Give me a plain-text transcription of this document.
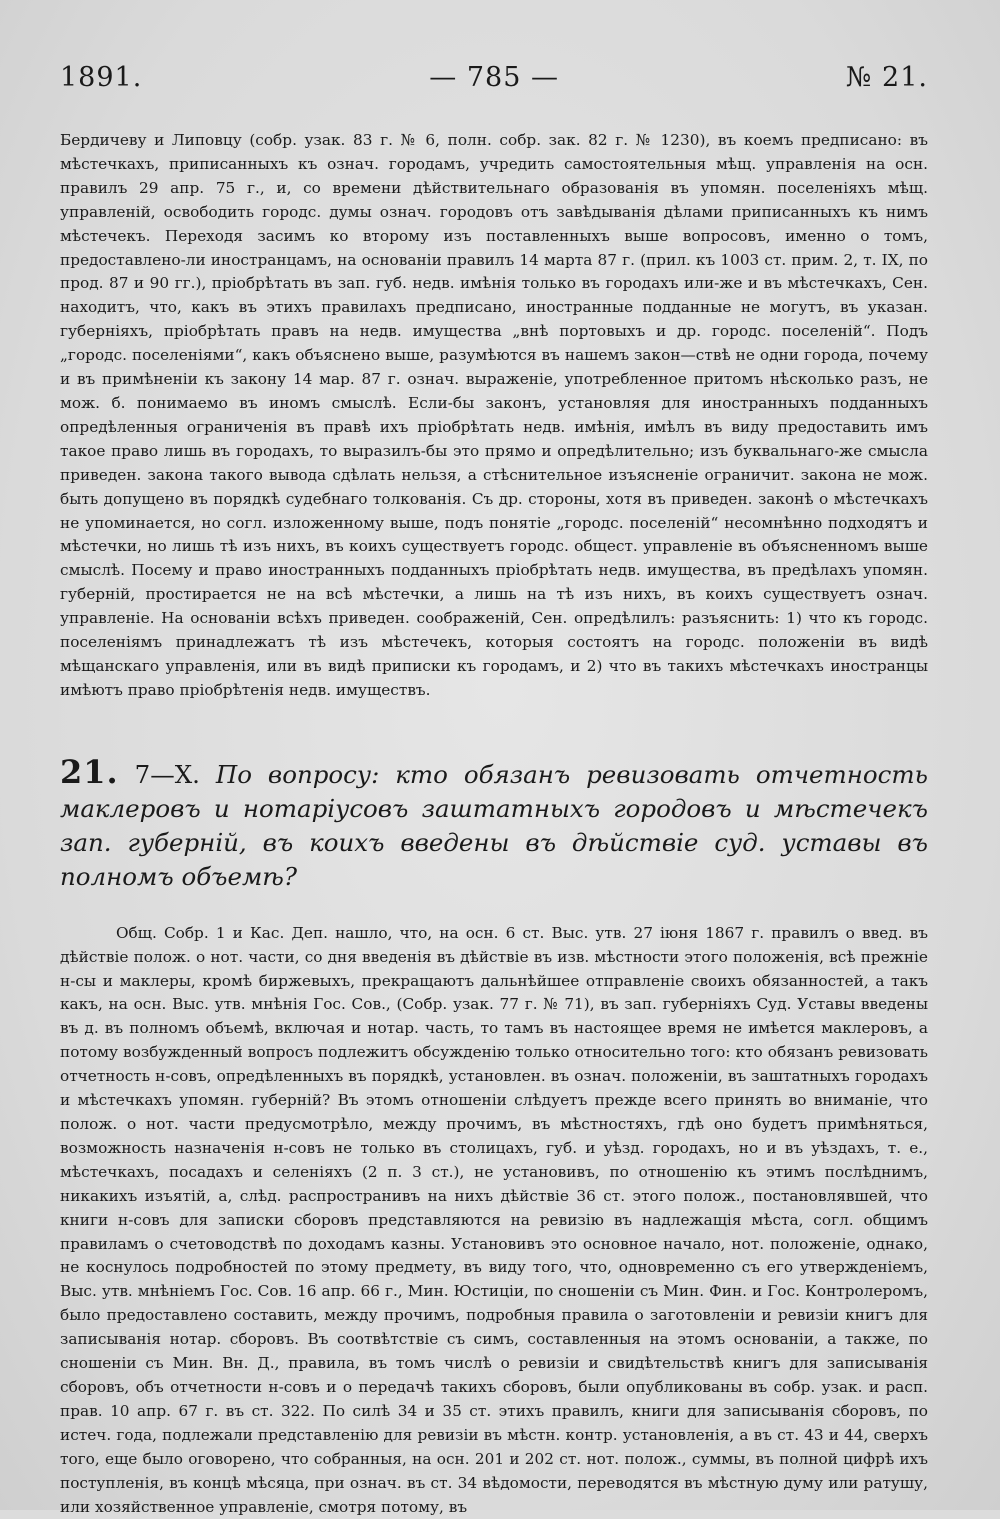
1891.	— 785 —	№ 21.

Бердичеву и Липовцу (собр. узак. 83 г. № 6, полн. собр. зак. 82 г. № 1230), въ коемъ предписано: въ мѣстечкахъ, приписанныхъ къ означ. городамъ, учредить самостоятельныя мѣщ. управленія на осн. правилъ 29 апр. 75 г., и, со времени дѣйствительнаго образованія въ упомян. поселеніяхъ мѣщ. управленій, освободить городс. думы означ. городовъ отъ завѣдыванія дѣлами приписанныхъ къ нимъ мѣстечекъ. Переходя засимъ ко второму изъ поставленныхъ выше вопросовъ, именно о томъ, предоставлено-ли иностранцамъ, на основаніи правилъ 14 марта 87 г. (прил. къ 1003 ст. прим. 2, т. IX, по прод. 87 и 90 гг.), пріобрѣтать въ зап. губ. недв. имѣнія только въ городахъ или-же и въ мѣстечкахъ, Сен. находитъ, что, какъ въ этихъ правилахъ предписано, иностранные подданные не могутъ, въ указан. губерніяхъ, пріобрѣтать правъ на недв. имущества „внѣ портовыхъ и др. городс. поселеній“. Подъ „городс. поселеніями“, какъ объяснено выше, разумѣются въ нашемъ закон—ствѣ не одни города, почему и въ примѣненіи къ закону 14 мар. 87 г. означ. выраженіе, употребленное притомъ нѣсколько разъ, не мож. б. понимаемо въ иномъ смыслѣ. Если-бы законъ, установляя для иностранныхъ подданныхъ опредѣленныя ограниченія въ правѣ ихъ пріобрѣтать недв. имѣнія, имѣлъ въ виду предоставить имъ такое право лишь въ городахъ, то выразилъ-бы это прямо и опредѣлительно; изъ буквальнаго-же смысла приведен. закона такого вывода сдѣлать нельзя, а стѣснительное изъясненіе ограничит. закона не мож. быть допущено въ порядкѣ судебнаго толкованія. Съ др. стороны, хотя въ приведен. законѣ о мѣстечкахъ не упоминается, но согл. изложенному выше, подъ понятіе „городс. поселеній“ несомнѣнно подходятъ и мѣстечки, но лишь тѣ изъ нихъ, въ коихъ существуетъ городс. общест. управленіе въ объясненномъ выше смыслѣ. Посему и право иностранныхъ подданныхъ пріобрѣтать недв. имущества, въ предѣлахъ упомян. губерній, простирается не на всѣ мѣстечки, а лишь на тѣ изъ нихъ, въ коихъ существуетъ означ. управленіе. На основаніи всѣхъ приведен. соображеній, Сен. опредѣлилъ: разъяснить: 1) что къ городс. поселеніямъ принадлежатъ тѣ изъ мѣстечекъ, которыя состоятъ на городс. положеніи въ видѣ мѣщанскаго управленія, или въ видѣ приписки къ городамъ, и 2) что въ такихъ мѣстечкахъ иностранцы имѣютъ право пріобрѣтенія недв. имуществъ.

21. 7—X. По вопросу: кто обязанъ ревизовать отчетность маклеровъ и нотаріусовъ заштатныхъ городовъ и мѣстечекъ зап. губерній, въ коихъ введены въ дѣйствіе суд. уставы въ полномъ объемѣ?

Общ. Собр. 1 и Кас. Деп. нашло, что, на осн. 6 ст. Выс. утв. 27 іюня 1867 г. правилъ о введ. въ дѣйствіе полож. о нот. части, со дня введенія въ дѣйствіе въ изв. мѣстности этого положенія, всѣ прежніе н-сы и маклеры, кромѣ биржевыхъ, прекращаютъ дальнѣйшее отправленіе своихъ обязанностей, а такъ какъ, на осн. Выс. утв. мнѣнія Гос. Сов., (Собр. узак. 77 г. № 71), въ зап. губерніяхъ Суд. Уставы введены въ д. въ полномъ объемѣ, включая и нотар. часть, то тамъ въ настоящее время не имѣется маклеровъ, а потому возбужденный вопросъ подлежитъ обсужденію только относительно того: кто обязанъ ревизовать отчетность н-совъ, опредѣленныхъ въ порядкѣ, установлен. въ означ. положеніи, въ заштатныхъ городахъ и мѣстечкахъ упомян. губерній? Въ этомъ отношеніи слѣдуетъ прежде всего принять во вниманіе, что полож. о нот. части предусмотрѣло, между прочимъ, въ мѣстностяхъ, гдѣ оно будетъ примѣняться, возможность назначенія н-совъ не только въ столицахъ, губ. и уѣзд. городахъ, но и въ уѣздахъ, т. е., мѣстечкахъ, посадахъ и селеніяхъ (2 п. 3 ст.), не установивъ, по отношенію къ этимъ послѣднимъ, никакихъ изъятій, а, слѣд. распространивъ на нихъ дѣйствіе 36 ст. этого полож., постановлявшей, что книги н-совъ для записки сборовъ представляются на ревизію въ надлежащія мѣста, согл. общимъ правиламъ о счетоводствѣ по доходамъ казны. Установивъ это основное начало, нот. положеніе, однако, не коснулось подробностей по этому предмету, въ виду того, что, одновременно съ его утвержденіемъ, Выс. утв. мнѣніемъ Гос. Сов. 16 апр. 66 г., Мин. Юстиціи, по сношеніи съ Мин. Фин. и Гос. Контролеромъ, было предоставлено составить, между прочимъ, подробныя правила о заготовленіи и ревизіи книгъ для записыванія нотар. сборовъ. Въ соотвѣтствіе съ симъ, составленныя на этомъ основаніи, а также, по сношеніи съ Мин. Вн. Д., правила, въ томъ числѣ о ревизіи и свидѣтельствѣ книгъ для записыванія сборовъ, объ отчетности н-совъ и о передачѣ такихъ сборовъ, были опубликованы въ собр. узак. и расп. прав. 10 апр. 67 г. въ ст. 322. По силѣ 34 и 35 ст. этихъ правилъ, книги для записыванія сборовъ, по истеч. года, подлежали представленію для ревизіи въ мѣстн. контр. установленія, а въ ст. 43 и 44, сверхъ того, еще было оговорено, что собранныя, на осн. 201 и 202 ст. нот. полож., суммы, въ полной цифрѣ ихъ поступленія, въ концѣ мѣсяца, при означ. въ ст. 34 вѣдомости, переводятся въ мѣстную думу или ратушу, или хозяйственное управленіе, смотря потому, въ
